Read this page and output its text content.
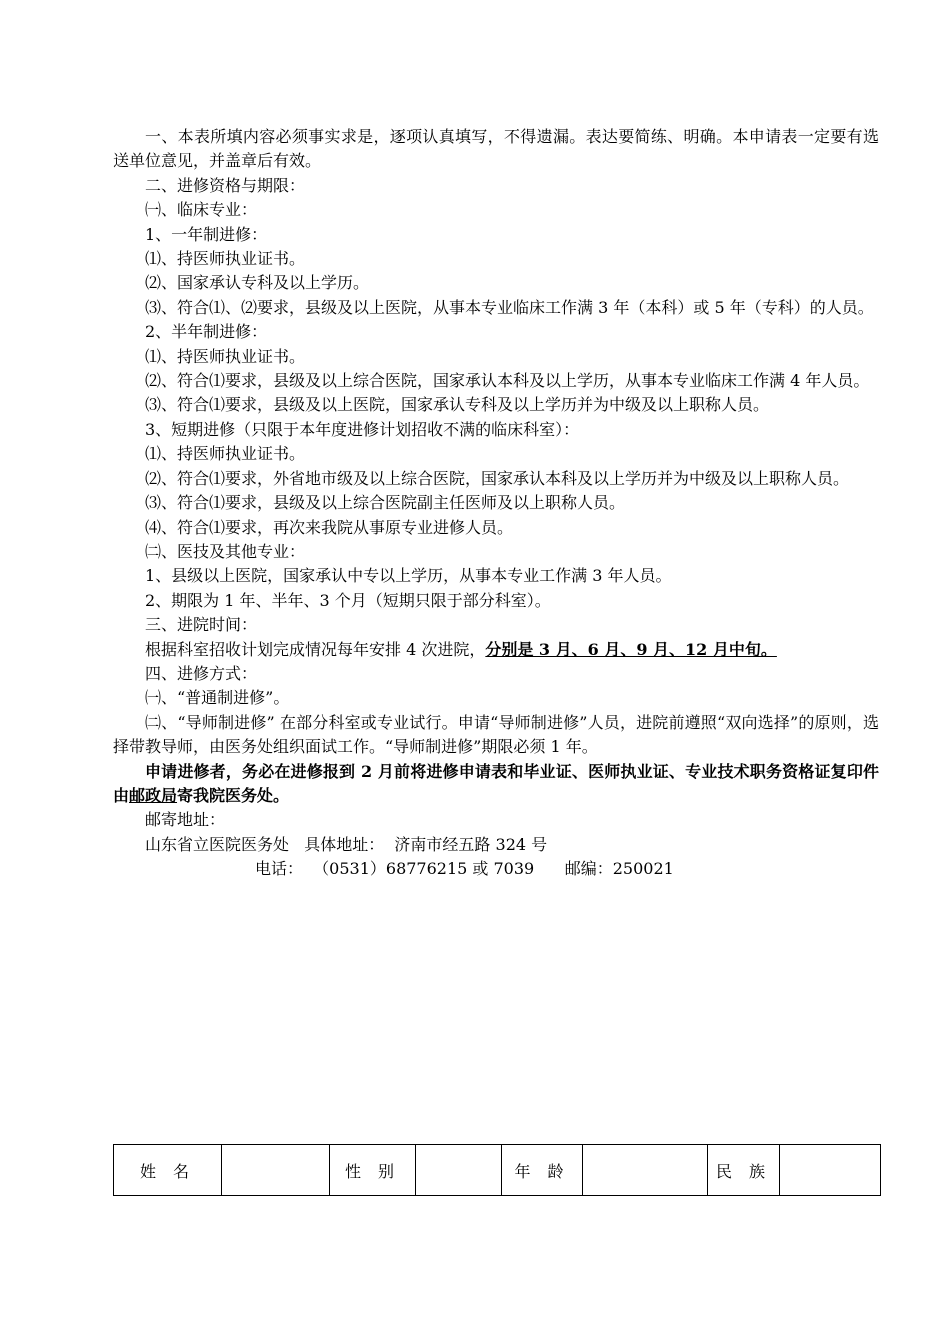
一、本表所填内容必须事实求是，逐项认真填写，不得遗漏。表达要简练、明确。本申请表一定要有选送单位意见，并盖章后有效。

二、进修资格与期限：

㈠、临床专业：

1、一年制进修：

⑴、持医师执业证书。

⑵、国家承认专科及以上学历。

⑶、符合⑴、⑵要求，县级及以上医院，从事本专业临床工作满 3 年（本科）或 5 年（专科）的人员。

2、半年制进修：

⑴、持医师执业证书。

⑵、符合⑴要求，县级及以上综合医院，国家承认本科及以上学历，从事本专业临床工作满 4 年人员。

⑶、符合⑴要求，县级及以上医院，国家承认专科及以上学历并为中级及以上职称人员。

3、短期进修（只限于本年度进修计划招收不满的临床科室）：

⑴、持医师执业证书。

⑵、符合⑴要求，外省地市级及以上综合医院，国家承认本科及以上学历并为中级及以上职称人员。

⑶、符合⑴要求，县级及以上综合医院副主任医师及以上职称人员。

⑷、符合⑴要求，再次来我院从事原专业进修人员。

㈡、医技及其他专业：

1、县级以上医院，国家承认中专以上学历，从事本专业工作满 3 年人员。

2、期限为 1 年、半年、3 个月（短期只限于部分科室）。

三、进院时间：

根据科室招收计划完成情况每年安排 4 次进院，分别是 3 月、6 月、9 月、12 月中旬。

四、进修方式：

㈠、“普通制进修”。

㈡、“导师制进修” 在部分科室或专业试行。申请“导师制进修”人员，进院前遵照“双向选择”的原则，选择带教导师，由医务处组织面试工作。“导师制进修”期限必须 1 年。

申请进修者，务必在进修报到 2 月前将进修申请表和毕业证、医师执业证、专业技术职务资格证复印件由邮政局寄我院医务处。

邮寄地址：

山东省立医院医务处   具体地址：  济南市经五路 324 号

电话：  （0531）68776215 或 7039      邮编：250021

姓 名		性 别		年 龄		民 族	
